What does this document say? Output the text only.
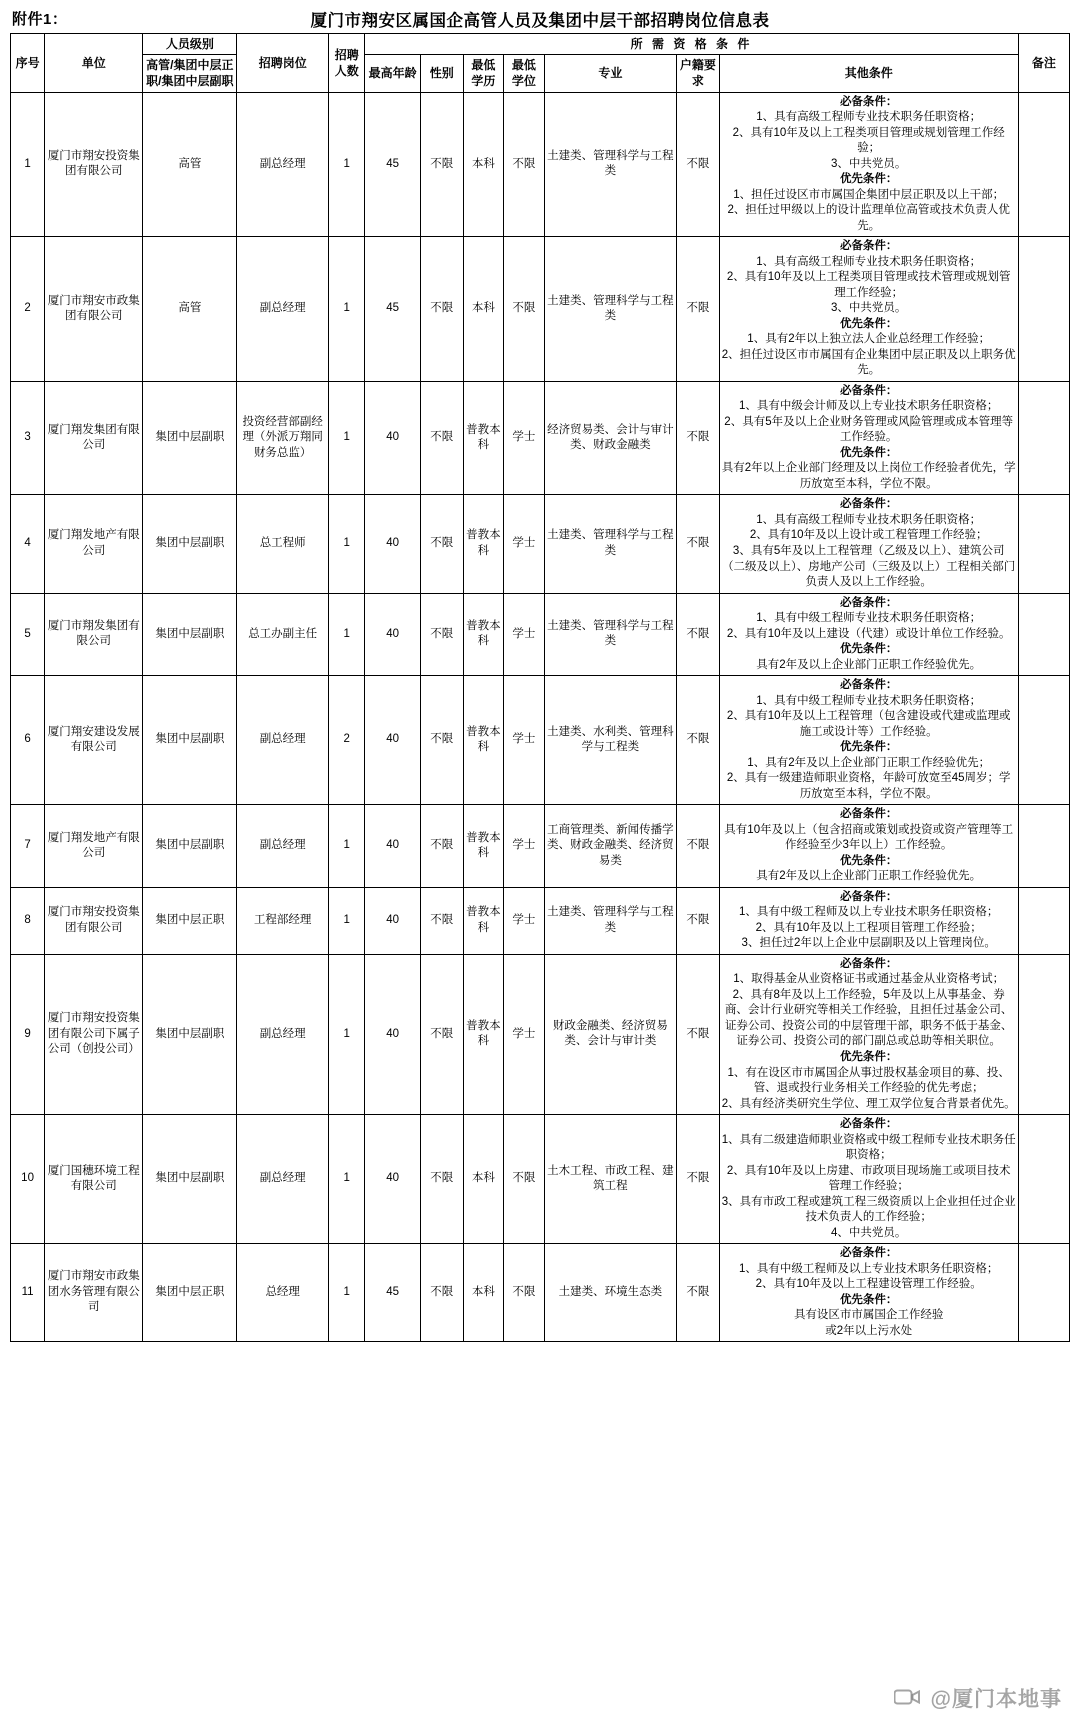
附件1：	厦门市翔安区属国企高管人员及集团中层干部招聘岗位信息表
序号	单位	人员级别	招聘岗位	招聘人数	所 需 资 格 条 件							备注
		高管/集团中层正职/集团中层副职			最高年龄	性别	最低学历	最低学位	专业	户籍要求	其他条件	
1	厦门市翔安投资集团有限公司	高管	副总经理	1	45	不限	本科	不限	土建类、管理科学与工程类	不限	
必备条件：
1、具有高级工程师专业技术职务任职资格；
2、具有10年及以上工程类项目管理或规划管理工作经验；
3、中共党员。
优先条件：
1、担任过设区市市属国企集团中层正职及以上干部；
2、担任过甲级以上的设计监理单位高管或技术负责人优先。

2	厦门市翔安市政集团有限公司	高管	副总经理	1	45	不限	本科	不限	土建类、管理科学与工程类	不限	
必备条件：
1、具有高级工程师专业技术职务任职资格；
2、具有10年及以上工程类项目管理或技术管理或规划管理工作经验；
3、中共党员。
优先条件：
1、具有2年以上独立法人企业总经理工作经验；
2、担任过设区市市属国有企业集团中层正职及以上职务优先。

3	厦门翔发集团有限公司	集团中层副职	投资经营部副经理（外派万翔同财务总监）	1	40	不限	普教本科	学士	经济贸易类、会计与审计类、财政金融类	不限	必备条件：
1、具有中级会计师及以上专业技术职务任职资格；
2、具有5年及以上企业财务管理或风险管理或成本管理等工作经验。
优先条件：
具有2年以上企业部门经理及以上岗位工作经验者优先，学历放宽至本科，学位不限。	

4	厦门翔发地产有限公司	集团中层副职	总工程师	1	40	不限	普教本科	学士	土建类、管理科学与工程类	不限	必备条件：
1、具有高级工程师专业技术职务任职资格；
2、具有10年及以上设计或工程管理工作经验；
3、具有5年及以上工程管理（乙级及以上）、建筑公司（二级及以上）、房地产公司（三级及以上）工程相关部门负责人及以上工作经验。	

5	厦门市翔发集团有限公司	集团中层副职	总工办副主任	1	40	不限	普教本科	学士	土建类、管理科学与工程类	不限	必备条件：
1、具有中级工程师专业技术职务任职资格；
2、具有10年及以上建设（代建）或设计单位工作经验。
优先条件：
具有2年及以上企业部门正职工作经验优先。	

6	厦门翔安建设发展有限公司	集团中层副职	副总经理	2	40	不限	普教本科	学士	土建类、水利类、管理科学与工程类	不限	
必备条件：
1、具有中级工程师专业技术职务任职资格；
2、具有10年及以上工程管理（包含建设或代建或监理或施工或设计等）工作经验。
优先条件：
1、具有2年及以上企业部门正职工作经验优先；
2、具有一级建造师职业资格，年龄可放宽至45周岁；学历放宽至本科，学位不限。

7	厦门翔发地产有限公司	集团中层副职	副总经理	1	40	不限	普教本科	学士	工商管理类、新闻传播学类、财政金融类、经济贸易类	不限	必备条件：
具有10年及以上（包含招商或策划或投资或资产管理等工作经验至少3年以上）工作经验。
优先条件：
具有2年及以上企业部门正职工作经验优先。	

8	厦门市翔安投资集团有限公司	集团中层正职	工程部经理	1	40	不限	普教本科	学士	土建类、管理科学与工程类	不限	必备条件：
1、具有中级工程师及以上专业技术职务任职资格；
2、具有10年及以上工程项目管理工作经验；
3、担任过2年以上企业中层副职及以上管理岗位。	

9	厦门市翔安投资集团有限公司下属子公司（创投公司）	集团中层副职	副总经理	1	40	不限	普教本科	学士	财政金融类、经济贸易类、会计与审计类	不限	
必备条件：
1、取得基金从业资格证书或通过基金从业资格考试；
2、具有8年及以上工作经验，5年及以上从事基金、券商、会计行业研究等相关工作经验，且担任过基金公司、证券公司、投资公司的中层管理干部，职务不低于基金、证券公司、投资公司的部门副总或总助等相关职位。
优先条件：
1、有在设区市市属国企从事过股权基金项目的募、投、管、退或投行业务相关工作经验的优先考虑；
2、具有经济类研究生学位、理工双学位复合背景者优先。

10	厦门国穗环境工程有限公司	集团中层副职	副总经理	1	40	不限	本科	不限	土木工程、市政工程、建筑工程	不限	必备条件：
1、具有二级建造师职业资格或中级工程师专业技术职务任职资格；
2、具有10年及以上房建、市政项目现场施工或项目技术管理工作经验；
3、具有市政工程或建筑工程三级资质以上企业担任过企业技术负责人的工作经验；
4、中共党员。	

11	厦门市翔安市政集团水务管理有限公司	集团中层正职	总经理	1	45	不限	本科	不限	土建类、环境生态类	不限	
必备条件：
1、具有中级工程师及以上专业技术职务任职资格；
2、具有10年及以上工程建设管理工作经验。
优先条件：
具有设区市市属国企工作经验
或2年以上污水处

@厦门本地事
